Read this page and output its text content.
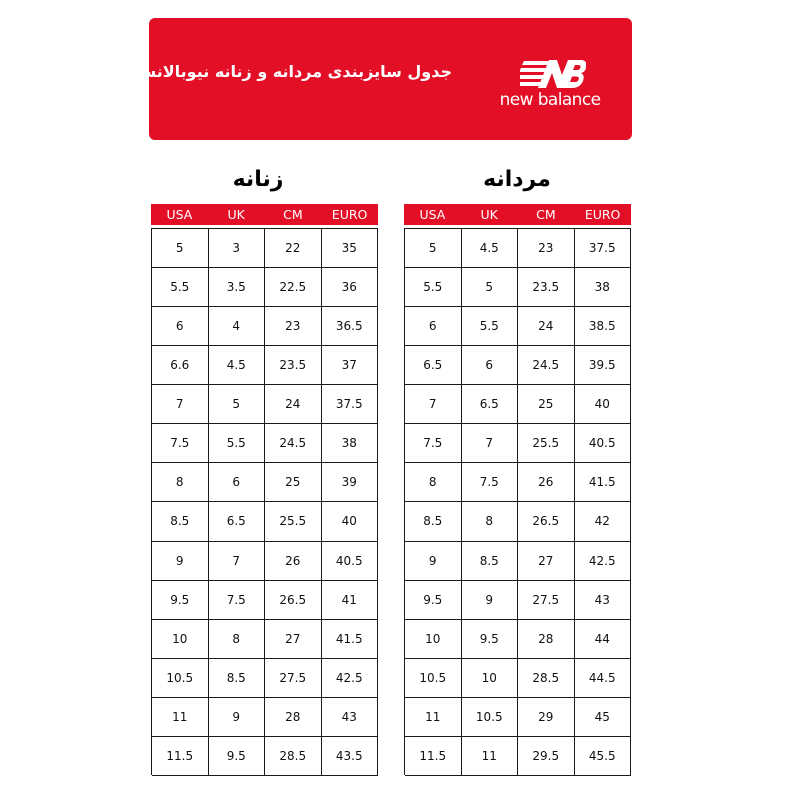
جدول سایزبندی مردانه و زنانه نیوبالانس
new balance
زنانه	مردانه
USA	UK	CM	EURO
5	3	22	35
5.5	3.5	22.5	36
6	4	23	36.5
6.6	4.5	23.5	37
7	5	24	37.5
7.5	5.5	24.5	38
8	6	25	39
8.5	6.5	25.5	40
9	7	26	40.5
9.5	7.5	26.5	41
10	8	27	41.5
10.5	8.5	27.5	42.5
11	9	28	43
11.5	9.5	28.5	43.5
USA	UK	CM	EURO
5	4.5	23	37.5
5.5	5	23.5	38
6	5.5	24	38.5
6.5	6	24.5	39.5
7	6.5	25	40
7.5	7	25.5	40.5
8	7.5	26	41.5
8.5	8	26.5	42
9	8.5	27	42.5
9.5	9	27.5	43
10	9.5	28	44
10.5	10	28.5	44.5
11	10.5	29	45
11.5	11	29.5	45.5
